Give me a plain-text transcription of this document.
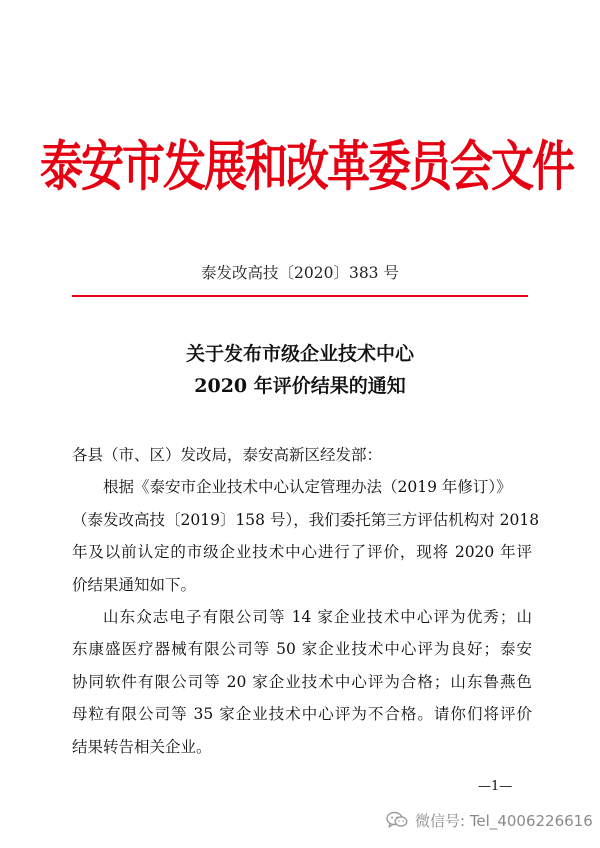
泰安市发展和改革委员会文件
泰发改高技〔2020〕383 号
关于发布市级企业技术中心
2020 年评价结果的通知
各县（市、区）发改局，泰安高新区经发部：
根据《泰安市企业技术中心认定管理办法（2019 年修订）》
（泰发改高技〔2019〕158 号），我们委托第三方评估机构对 2018
年及以前认定的市级企业技术中心进行了评价，现将 2020 年评
价结果通知如下。
山东众志电子有限公司等 14 家企业技术中心评为优秀；山
东康盛医疗器械有限公司等 50 家企业技术中心评为良好；泰安
协同软件有限公司等 20 家企业技术中心评为合格；山东鲁燕色
母粒有限公司等 35 家企业技术中心评为不合格。请你们将评价
结果转告相关企业。
—1—
微信号: Tel_4006226616
